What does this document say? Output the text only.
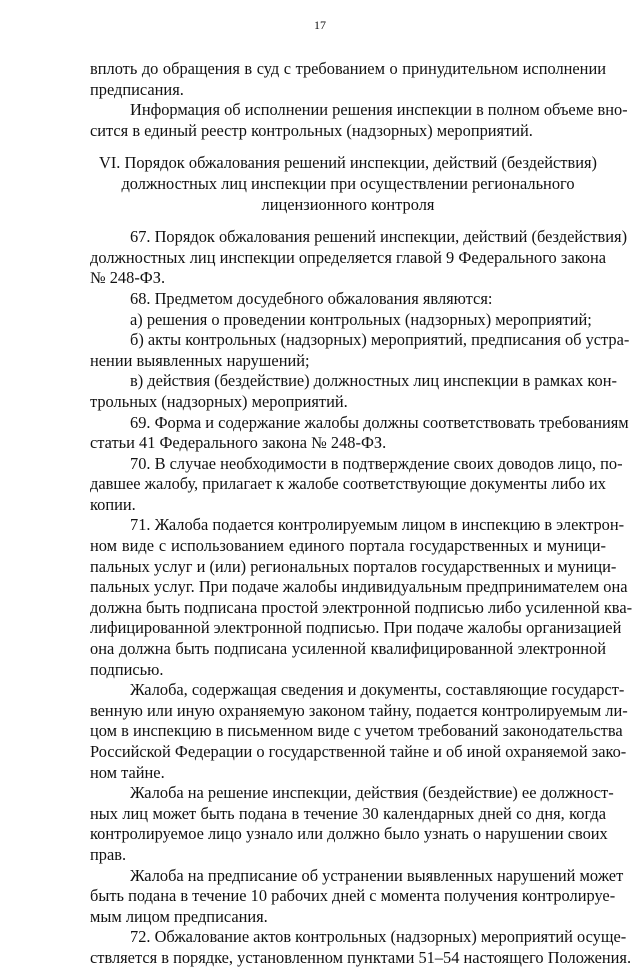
17
вплоть до обращения в суд с требованием о принудительном исполнении
предписания.
Информация об исполнении решения инспекции в полном объеме вно-
сится в единый реестр контрольных (надзорных) мероприятий.
VI. Порядок обжалования решений инспекции, действий (бездействия)
должностных лиц инспекции при осуществлении регионального
лицензионного контроля
67. Порядок обжалования решений инспекции, действий (бездействия)
должностных лиц инспекции определяется главой 9 Федерального закона
№ 248-ФЗ.
68. Предметом досудебного обжалования являются:
а) решения о проведении контрольных (надзорных) мероприятий;
б) акты контрольных (надзорных) мероприятий, предписания об устра-
нении выявленных нарушений;
в) действия (бездействие) должностных лиц инспекции в рамках кон-
трольных (надзорных) мероприятий.
69. Форма и содержание жалобы должны соответствовать требованиям
статьи 41 Федерального закона № 248-ФЗ.
70. В случае необходимости в подтверждение своих доводов лицо, по-
давшее жалобу, прилагает к жалобе соответствующие документы либо их
копии.
71. Жалоба подается контролируемым лицом в инспекцию в электрон-
ном виде с использованием единого портала государственных и муници-
пальных услуг и (или) региональных порталов государственных и муници-
пальных услуг. При подаче жалобы индивидуальным предпринимателем она
должна быть подписана простой электронной подписью либо усиленной ква-
лифицированной электронной подписью. При подаче жалобы организацией
она должна быть подписана усиленной квалифицированной электронной
подписью.
Жалоба, содержащая сведения и документы, составляющие государст-
венную или иную охраняемую законом тайну, подается контролируемым ли-
цом в инспекцию в письменном виде с учетом требований законодательства
Российской Федерации о государственной тайне и об иной охраняемой зако-
ном тайне.
Жалоба на решение инспекции, действия (бездействие) ее должност-
ных лиц может быть подана в течение 30 календарных дней со дня, когда
контролируемое лицо узнало или должно было узнать о нарушении своих
прав.
Жалоба на предписание об устранении выявленных нарушений может
быть подана в течение 10 рабочих дней с момента получения контролируе-
мым лицом предписания.
72. Обжалование актов контрольных (надзорных) мероприятий осуще-
ствляется в порядке, установленном пунктами 51–54 настоящего Положения.
